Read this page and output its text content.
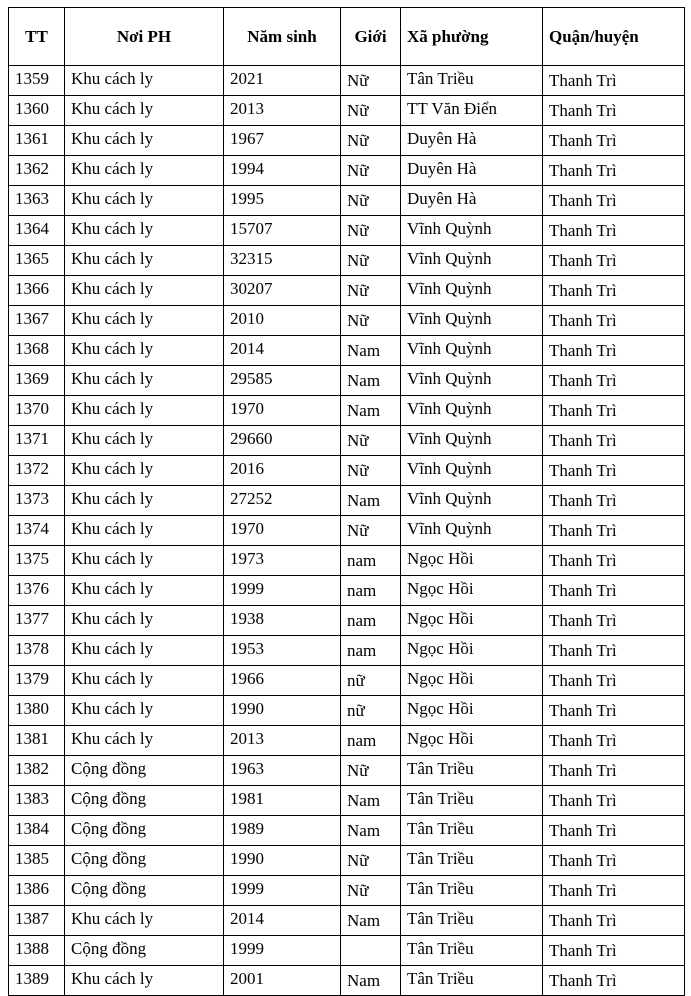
TT	Nơi PH	Năm sinh	Giới	Xã phường	Quận/huyện
1359	Khu cách ly	2021	Nữ	Tân Triều	Thanh Trì
1360	Khu cách ly	2013	Nữ	TT Văn Điển	Thanh Trì
1361	Khu cách ly	1967	Nữ	Duyên Hà	Thanh Trì
1362	Khu cách ly	1994	Nữ	Duyên Hà	Thanh Trì
1363	Khu cách ly	1995	Nữ	Duyên Hà	Thanh Trì
1364	Khu cách ly	15707	Nữ	Vĩnh Quỳnh	Thanh Trì
1365	Khu cách ly	32315	Nữ	Vĩnh Quỳnh	Thanh Trì
1366	Khu cách ly	30207	Nữ	Vĩnh Quỳnh	Thanh Trì
1367	Khu cách ly	2010	Nữ	Vĩnh Quỳnh	Thanh Trì
1368	Khu cách ly	2014	Nam	Vĩnh Quỳnh	Thanh Trì
1369	Khu cách ly	29585	Nam	Vĩnh Quỳnh	Thanh Trì
1370	Khu cách ly	1970	Nam	Vĩnh Quỳnh	Thanh Trì
1371	Khu cách ly	29660	Nữ	Vĩnh Quỳnh	Thanh Trì
1372	Khu cách ly	2016	Nữ	Vĩnh Quỳnh	Thanh Trì
1373	Khu cách ly	27252	Nam	Vĩnh Quỳnh	Thanh Trì
1374	Khu cách ly	1970	Nữ	Vĩnh Quỳnh	Thanh Trì
1375	Khu cách ly	1973	nam	Ngọc Hồi	Thanh Trì
1376	Khu cách ly	1999	nam	Ngọc Hồi	Thanh Trì
1377	Khu cách ly	1938	nam	Ngọc Hồi	Thanh Trì
1378	Khu cách ly	1953	nam	Ngọc Hồi	Thanh Trì
1379	Khu cách ly	1966	nữ	Ngọc Hồi	Thanh Trì
1380	Khu cách ly	1990	nữ	Ngọc Hồi	Thanh Trì
1381	Khu cách ly	2013	nam	Ngọc Hồi	Thanh Trì
1382	Cộng đồng	1963	Nữ	Tân Triều	Thanh Trì
1383	Cộng đồng	1981	Nam	Tân Triều	Thanh Trì
1384	Cộng đồng	1989	Nam	Tân Triều	Thanh Trì
1385	Cộng đồng	1990	Nữ	Tân Triều	Thanh Trì
1386	Cộng đồng	1999	Nữ	Tân Triều	Thanh Trì
1387	Khu cách ly	2014	Nam	Tân Triều	Thanh Trì
1388	Cộng đồng	1999		Tân Triều	Thanh Trì
1389	Khu cách ly	2001	Nam	Tân Triều	Thanh Trì
